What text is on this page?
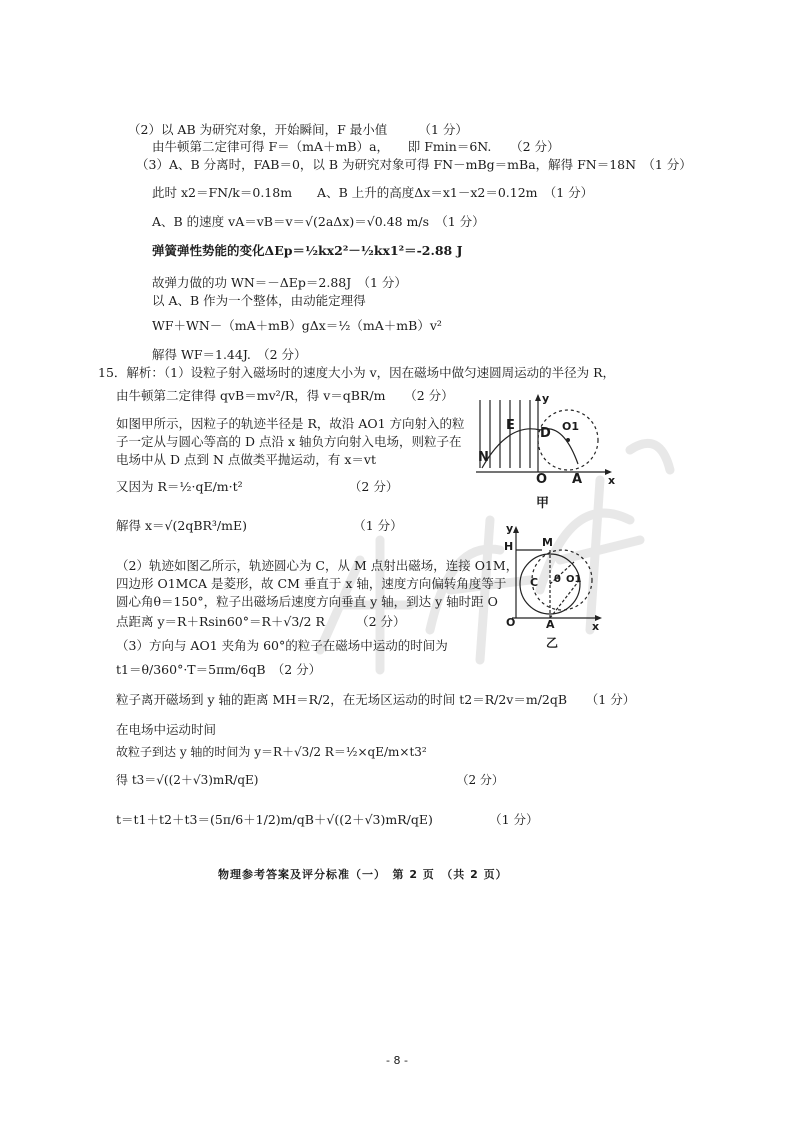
（2）以 AB 为研究对象，开始瞬间，F 最小值　　　（1 分）
由牛顿第二定律可得 F＝（mA＋mB）a，　　即 Fmin＝6N.　　（2 分）
（3）A、B 分离时，FAB＝0，以 B 为研究对象可得 FN－mBg＝mBa，解得 FN＝18N　（1 分）
此时 x2＝FN/k＝0.18m　　A、B 上升的高度Δx＝x1－x2＝0.12m　（1 分）
A、B 的速度 vA＝vB＝v＝√(2aΔx)＝√0.48 m/s　（1 分）
弹簧弹性势能的变化ΔEp＝½kx2²－½kx1²＝-2.88 J
故弹力做的功 WN＝－ΔEp＝2.88J　（1 分）
以 A、B 作为一个整体，由动能定理得
WF＋WN－（mA＋mB）gΔx＝½（mA＋mB）v²
解得 WF＝1.44J.　（2 分）
15．解析：（1）设粒子射入磁场时的速度大小为 v，因在磁场中做匀速圆周运动的半径为 R，
由牛顿第二定律得 qvB＝mv²/R，得 v＝qBR/m　　（2 分）
如图甲所示，因粒子的轨迹半径是 R，故沿 AO1 方向射入的粒
子一定从与圆心等高的 D 点沿 x 轴负方向射入电场，则粒子在
电场中从 D 点到 N 点做类平抛运动，有 x＝vt
又因为 R＝½·qE/m·t²　　　　　　　　　（2 分）
解得 x＝√(2qBR³/mE)　　　　　　　　　（1 分）
（2）轨迹如图乙所示，轨迹圆心为 C，从 M 点射出磁场，连接 O1M，
四边形 O1MCA 是菱形，故 CM 垂直于 x 轴，速度方向偏转角度等于
圆心角θ＝150°，粒子出磁场后速度方向垂直 y 轴，到达 y 轴时距 O
点距离 y＝R＋Rsin60°＝R＋√3/2 R　　　（2 分）
（3）方向与 AO1 夹角为 60°的粒子在磁场中运动的时间为
t1＝θ/360°·T＝5πm/6qB　（2 分）
粒子离开磁场到 y 轴的距离 MH＝R/2，在无场区运动的时间 t2＝R/2v＝m/2qB　　（1 分）
在电场中运动时间
故粒子到达 y 轴的时间为 y＝R＋√3/2 R＝½×qE/m×t3²
得 t3＝√((2＋√3)mR/qE)　　　　　　　　　　　　　　　　　（2 分）
t＝t1＋t2＋t3＝(5π/6＋1/2)m/qB＋√((2＋√3)mR/qE)　　　　　（1 分）
E
D O1
N
O A x
y
甲
y
H	M
C θ O1
O	A	x
乙
物理参考答案及评分标准（一）　第 2 页　（共 2 页）
- 8 -
